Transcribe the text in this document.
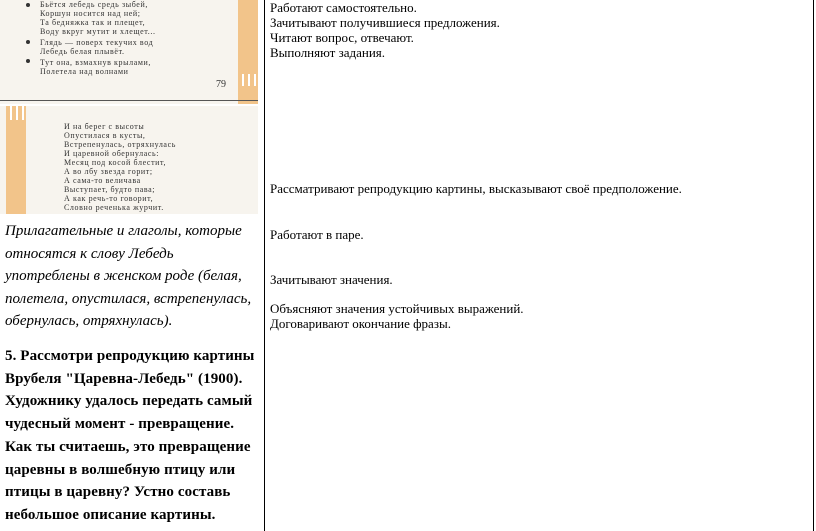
Бьётся лебедь средь зыбей,
Коршун носится над ней;
Та бедняжка так и плещет,
Воду вкруг мутит и хлещет...
Глядь — поверх текучих вод
Лебедь белая плывёт.
Тут она, взмахнув крылами,
Полетела над волнами
79
И на берег с высоты
Опустилася в кусты,
Встрепенулась, отряхнулась
И царевной обернулась:
Месяц под косой блестит,
А во лбу звезда горит;
А сама-то величава
Выступает, будто пава;
А как речь-то говорит,
Словно реченька журчит.
Прилагательные и глаголы, которые относятся к слову Лебедь употреблены в женском роде (белая, полетела, опустилася, встрепенулась, обернулась, отряхнулась).
5. Рассмотри репродукцию картины Врубеля "Царевна-Лебедь" (1900). Художнику удалось передать самый чудесный момент - превращение. Как ты считаешь, это превращение царевны в волшебную птицу или птицы в царевну? Устно составь небольшое описание картины.
Работают самостоятельно.
Зачитывают получившиеся предложения.
Читают вопрос, отвечают.
Выполняют задания.
Рассматривают репродукцию картины, высказывают своё предположение.
Работают в паре.
Зачитывают значения.
Объясняют значения устойчивых выражений.
Договаривают окончание фразы.
